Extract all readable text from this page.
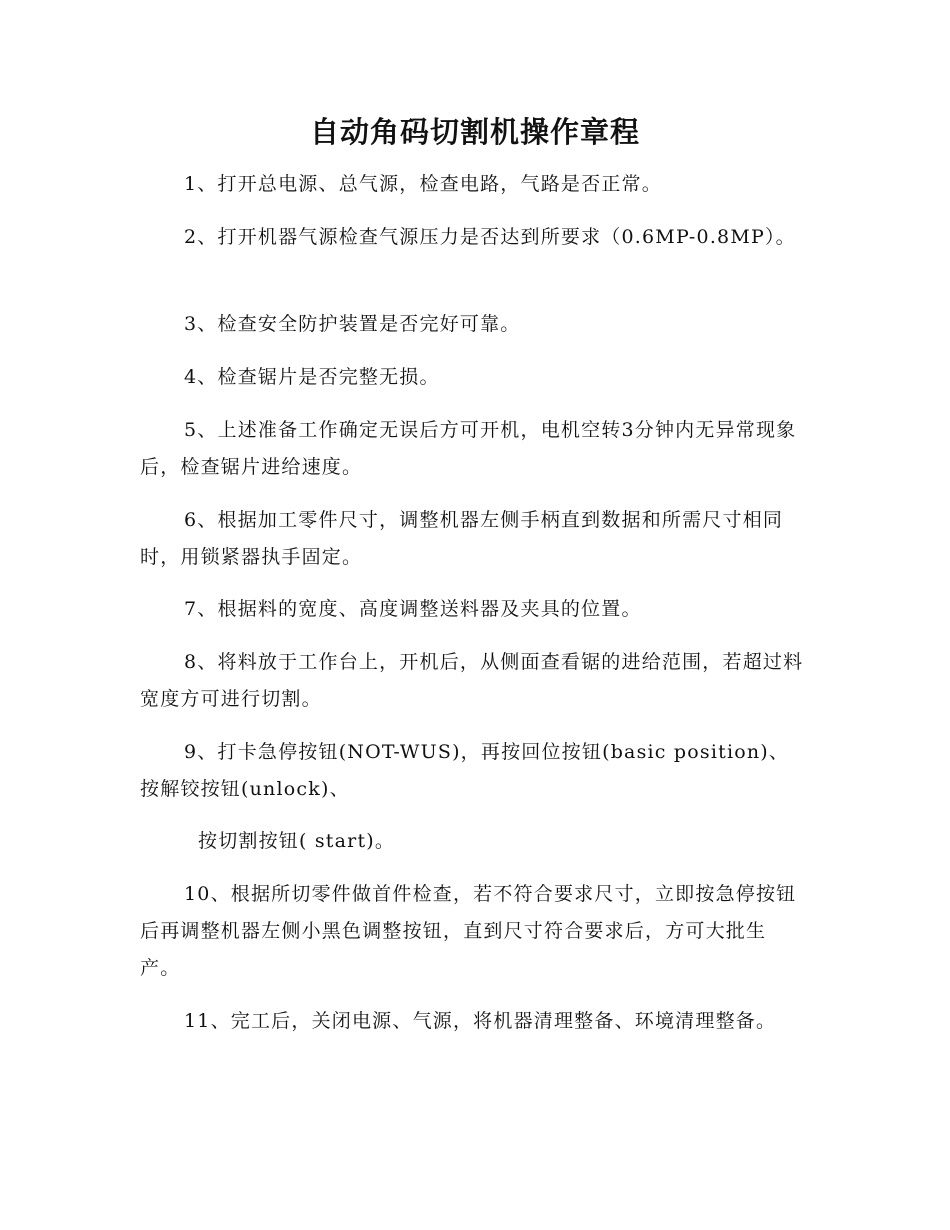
自动角码切割机操作章程

1、打开总电源、总气源，检查电路，气路是否正常。

2、打开机器气源检查气源压力是否达到所要求（0.6MP-0.8MP）。

3、检查安全防护装置是否完好可靠。

4、检查锯片是否完整无损。

5、上述准备工作确定无误后方可开机，电机空转3分钟内无异常现象后，检查锯片进给速度。

6、根据加工零件尺寸，调整机器左侧手柄直到数据和所需尺寸相同时，用锁紧器执手固定。

7、根据料的宽度、高度调整送料器及夹具的位置。

8、将料放于工作台上，开机后，从侧面查看锯的进给范围，若超过料宽度方可进行切割。

9、打卡急停按钮(NOT-WUS)，再按回位按钮(basic position)、按解铰按钮(unlock)、

按切割按钮( start)。

10、根据所切零件做首件检查，若不符合要求尺寸，立即按急停按钮后再调整机器左侧小黑色调整按钮，直到尺寸符合要求后，方可大批生产。

11、完工后，关闭电源、气源，将机器清理整备、环境清理整备。
